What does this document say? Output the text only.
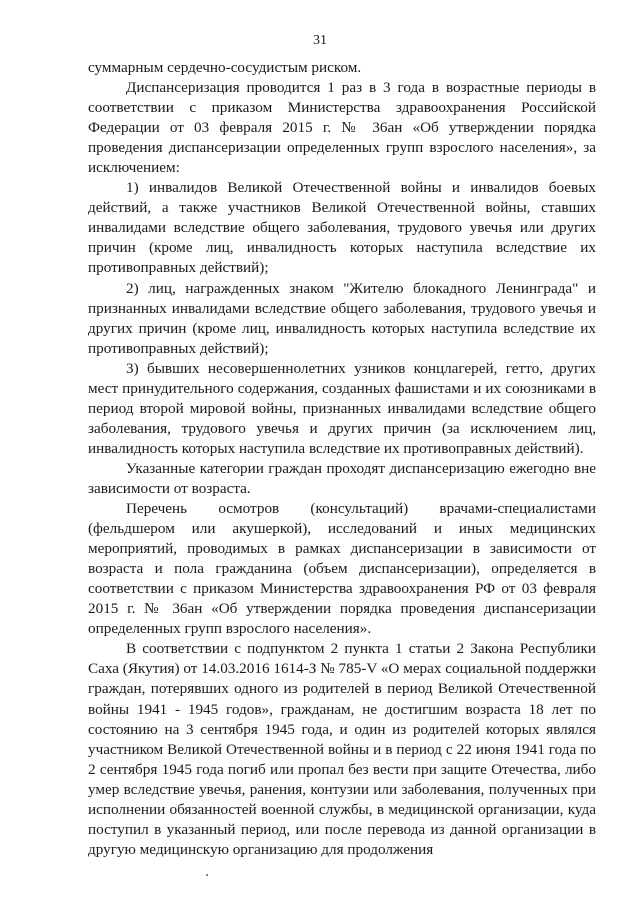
31

суммарным сердечно-сосудистым риском.

Диспансеризация проводится 1 раз в 3 года в возрастные периоды в соответствии с приказом Министерства здравоохранения Российской Федерации от 03 февраля 2015 г. № 36ан «Об утверждении порядка проведения диспансеризации определенных групп взрослого населения», за исключением:

1) инвалидов Великой Отечественной войны и инвалидов боевых действий, а также участников Великой Отечественной войны, ставших инвалидами вследствие общего заболевания, трудового увечья или других причин (кроме лиц, инвалидность которых наступила вследствие их противоправных действий);

2) лиц, награжденных знаком "Жителю блокадного Ленинграда" и признанных инвалидами вследствие общего заболевания, трудового увечья и других причин (кроме лиц, инвалидность которых наступила вследствие их противоправных действий);

3) бывших несовершеннолетних узников концлагерей, гетто, других мест принудительного содержания, созданных фашистами и их союзниками в период второй мировой войны, признанных инвалидами вследствие общего заболевания, трудового увечья и других причин (за исключением лиц, инвалидность которых наступила вследствие их противоправных действий).

Указанные категории граждан проходят диспансеризацию ежегодно вне зависимости от возраста.

Перечень осмотров (консультаций) врачами-специалистами (фельдшером или акушеркой), исследований и иных медицинских мероприятий, проводимых в рамках диспансеризации в зависимости от возраста и пола гражданина (объем диспансеризации), определяется в соответствии с приказом Министерства здравоохранения РФ от 03 февраля 2015 г. № 36ан «Об утверждении порядка проведения диспансеризации определенных групп взрослого населения».

В соответствии с подпунктом 2 пункта 1 статьи 2 Закона Республики Саха (Якутия) от 14.03.2016 1614-З № 785-V «О мерах социальной поддержки граждан, потерявших одного из родителей в период Великой Отечественной войны 1941 - 1945 годов», гражданам, не достигшим возраста 18 лет по состоянию на 3 сентября 1945 года, и один из родителей которых являлся участником Великой Отечественной войны и в период с 22 июня 1941 года по 2 сентября 1945 года погиб или пропал без вести при защите Отечества, либо умер вследствие увечья, ранения, контузии или заболевания, полученных при исполнении обязанностей военной службы, в медицинской организации, куда поступил в указанный период, или после перевода из данной организации в другую медицинскую организацию для продолжения
